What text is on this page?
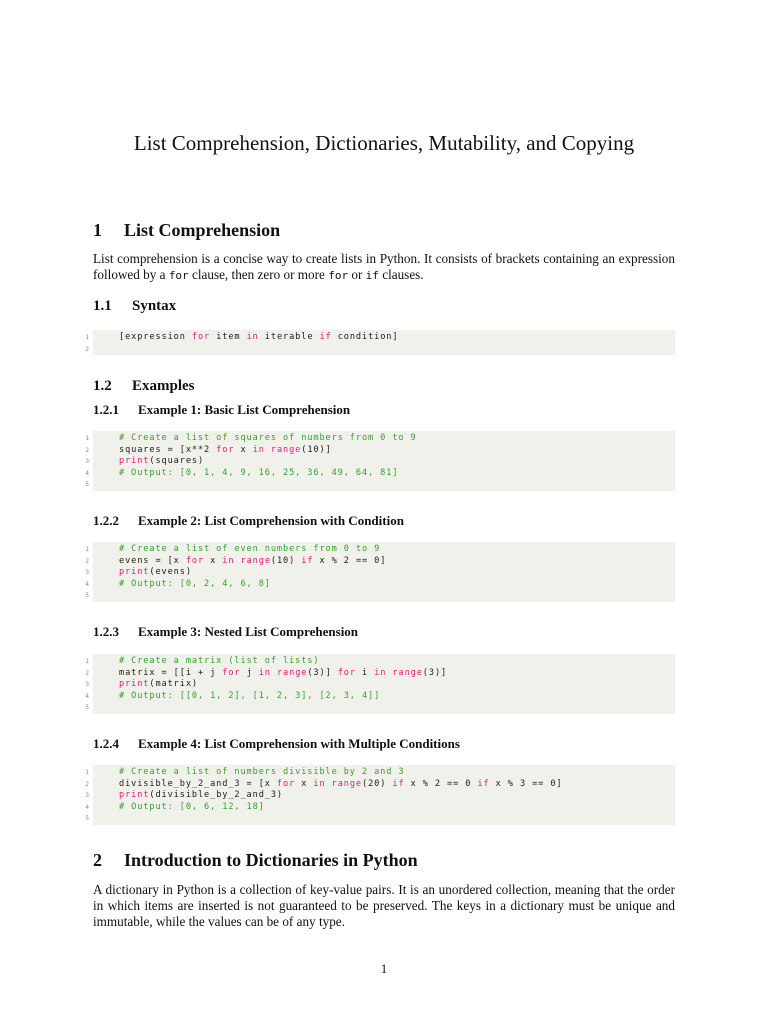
List Comprehension, Dictionaries, Mutability, and Copying
1 List Comprehension

List comprehension is a concise way to create lists in Python. It consists of brackets containing an expression followed by a for clause, then zero or more for or if clauses.

1.1 Syntax
1	[expression for item in iterable if condition]
2
1.2 Examples
1.2.1 Example 1: Basic List Comprehension
1	# Create a list of squares of numbers from 0 to 9
2	squares = [x**2 for x in range(10)]
3	print(squares)
4	# Output: [0, 1, 4, 9, 16, 25, 36, 49, 64, 81]
5
1.2.2 Example 2: List Comprehension with Condition
1	# Create a list of even numbers from 0 to 9
2	evens = [x for x in range(10) if x % 2 == 0]
3	print(evens)
4	# Output: [0, 2, 4, 6, 8]
5
1.2.3 Example 3: Nested List Comprehension
1	# Create a matrix (list of lists)
2	matrix = [[i + j for j in range(3)] for i in range(3)]
3	print(matrix)
4	# Output: [[0, 1, 2], [1, 2, 3], [2, 3, 4]]
5
1.2.4 Example 4: List Comprehension with Multiple Conditions
1	# Create a list of numbers divisible by 2 and 3
2	divisible_by_2_and_3 = [x for x in range(20) if x % 2 == 0 if x % 3 == 0]
3	print(divisible_by_2_and_3)
4	# Output: [0, 6, 12, 18]
5
2 Introduction to Dictionaries in Python

A dictionary in Python is a collection of key-value pairs. It is an unordered collection, meaning that the order in which items are inserted is not guaranteed to be preserved. The keys in a dictionary must be unique and immutable, while the values can be of any type.

1
